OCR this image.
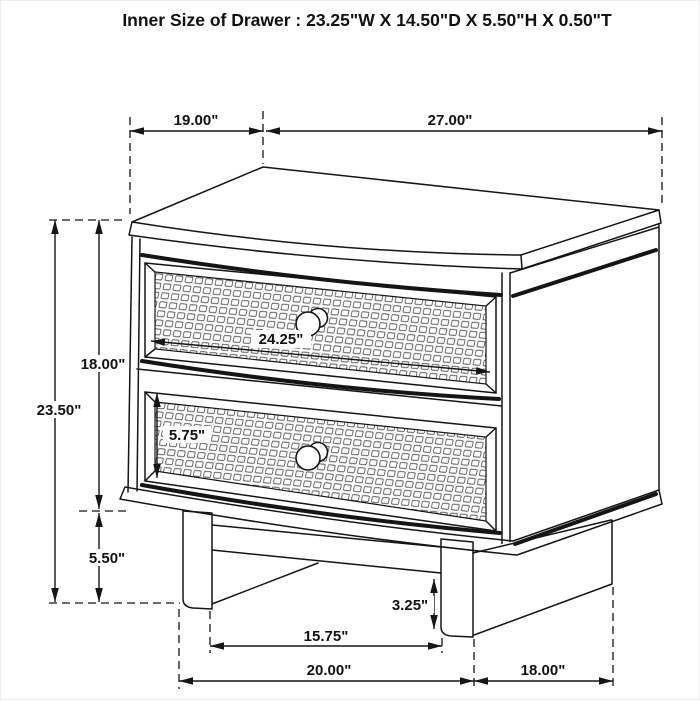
Inner Size of Drawer : 23.25"W X 14.50"D X 5.50"H X 0.50"T
19.00"	27.00"
24.25"
18.00"
23.50"
5.75"
5.50"
3.25"
15.75"
20.00"	18.00"
